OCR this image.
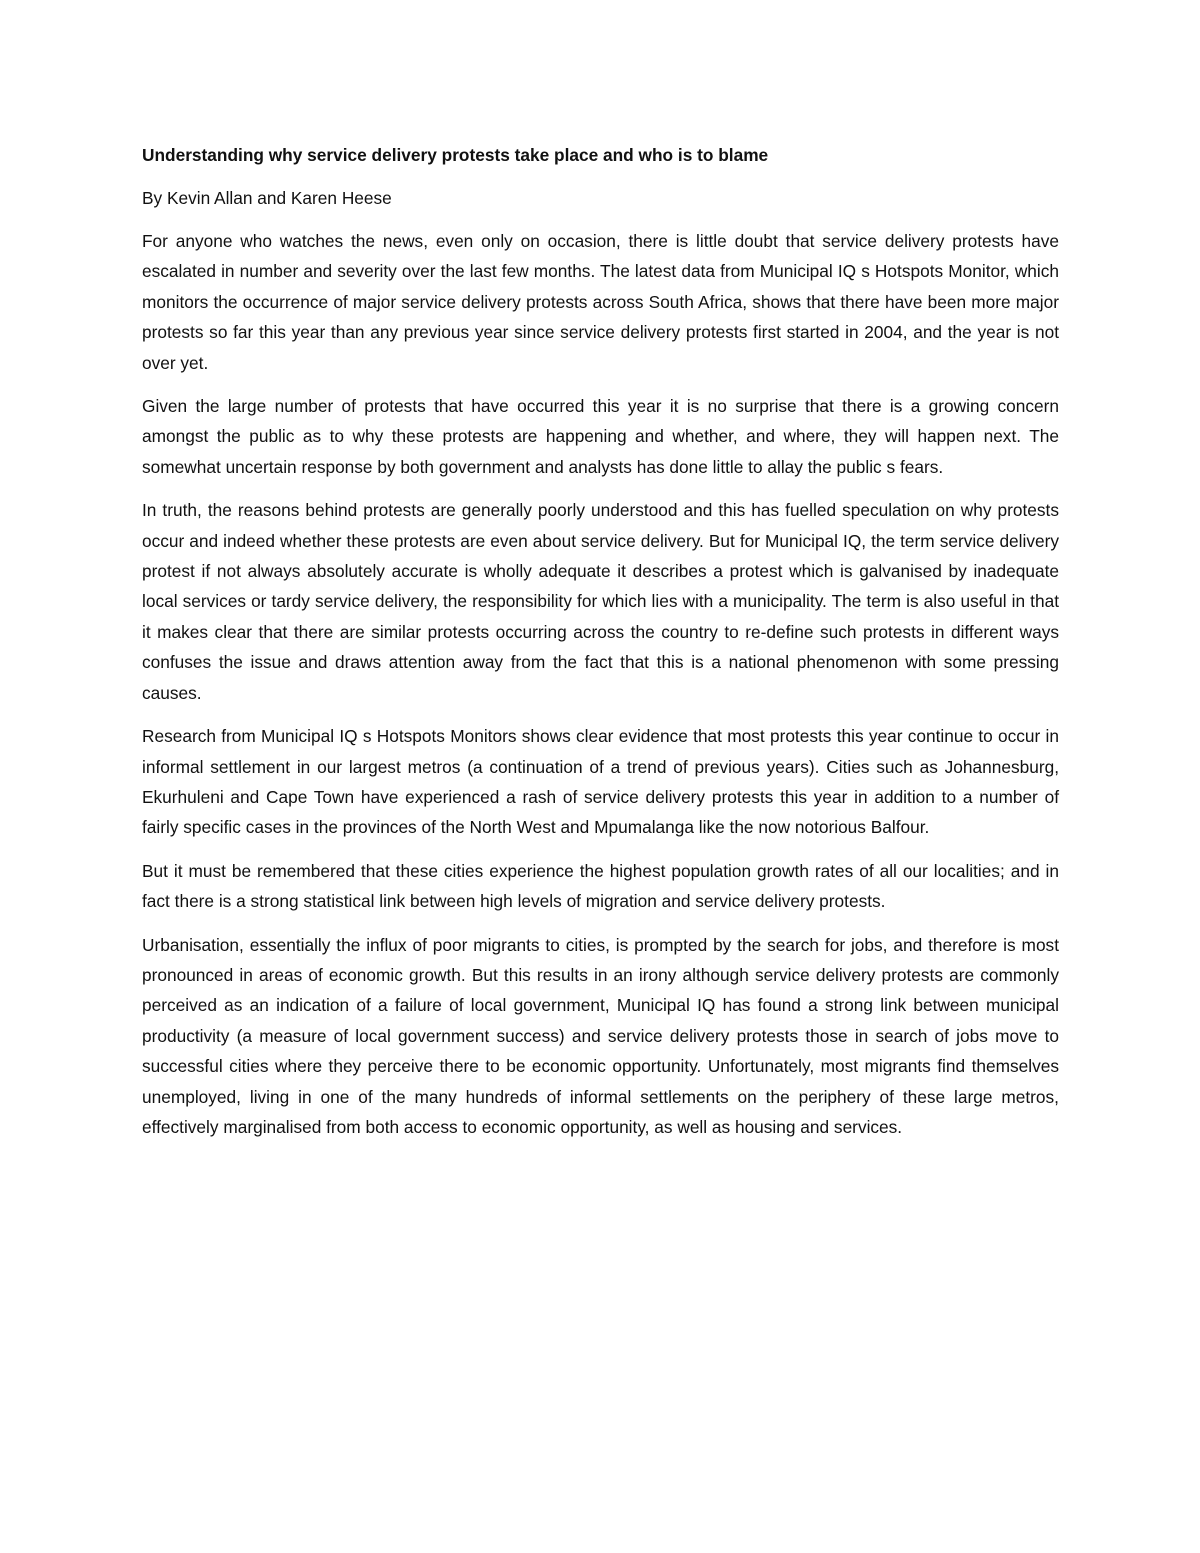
Understanding why service delivery protests take place and who is to blame
By Kevin Allan and Karen Heese
For anyone who watches the news, even only on occasion, there is little doubt that service delivery protests have escalated in number and severity over the last few months. The latest data from Municipal IQ s Hotspots Monitor, which monitors the occurrence of major service delivery protests across South Africa, shows that there have been more major protests so far this year than any previous year since service delivery protests first started in 2004, and the year is not over yet.
Given the large number of protests that have occurred this year it is no surprise that there is a growing concern amongst the public as to why these protests are happening and whether, and where, they will happen next. The somewhat uncertain response by both government and analysts has done little to allay the public s fears.
In truth, the reasons behind protests are generally poorly understood and this has fuelled speculation on why protests occur and indeed whether these protests are even about service delivery. But for Municipal IQ, the term service delivery protest if not always absolutely accurate is wholly adequate it describes a protest which is galvanised by inadequate local services or tardy service delivery, the responsibility for which lies with a municipality. The term is also useful in that it makes clear that there are similar protests occurring across the country to re-define such protests in different ways confuses the issue and draws attention away from the fact that this is a national phenomenon with some pressing causes.
Research from Municipal IQ s Hotspots Monitors shows clear evidence that most protests this year continue to occur in informal settlement in our largest metros (a continuation of a trend of previous years). Cities such as Johannesburg, Ekurhuleni and Cape Town have experienced a rash of service delivery protests this year in addition to a number of fairly specific cases in the provinces of the North West and Mpumalanga like the now notorious Balfour.
But it must be remembered that these cities experience the highest population growth rates of all our localities; and in fact there is a strong statistical link between high levels of migration and service delivery protests.
Urbanisation, essentially the influx of poor migrants to cities, is prompted by the search for jobs, and therefore is most pronounced in areas of economic growth. But this results in an irony although service delivery protests are commonly perceived as an indication of a failure of local government, Municipal IQ has found a strong link between municipal productivity (a measure of local government success) and service delivery protests those in search of jobs move to successful cities where they perceive there to be economic opportunity. Unfortunately, most migrants find themselves unemployed, living in one of the many hundreds of informal settlements on the periphery of these large metros, effectively marginalised from both access to economic opportunity, as well as housing and services.
